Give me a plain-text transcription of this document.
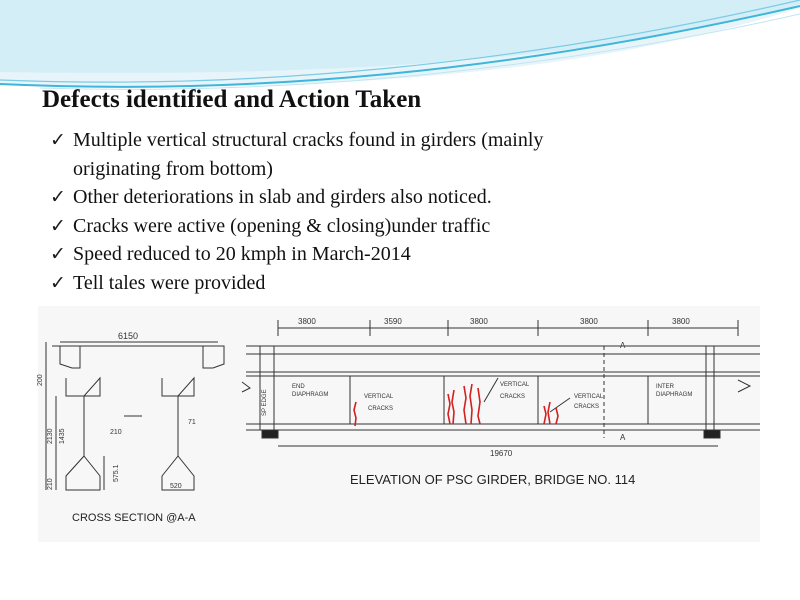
Defects identified and Action Taken
✓ Multiple vertical structural cracks found in girders (mainly originating from bottom)
✓ Other deteriorations in slab and girders also noticed.
✓ Cracks were active (opening & closing)under traffic
✓ Speed reduced to 20 kmph in March-2014
✓ Tell tales were provided
6150
200
2130 1435	210
71
210
575.1
520
CROSS SECTION @A-A
3800	3590	3800	3800	3800
A
A
SP EDGE
END
DIAPHRAGM	VERTICAL
CRACKS
VERTICAL
CRACKS	VERTICAL
CRACKS
INTER
DIAPHRAGM
19670
ELEVATION OF PSC GIRDER, BRIDGE NO. 114
